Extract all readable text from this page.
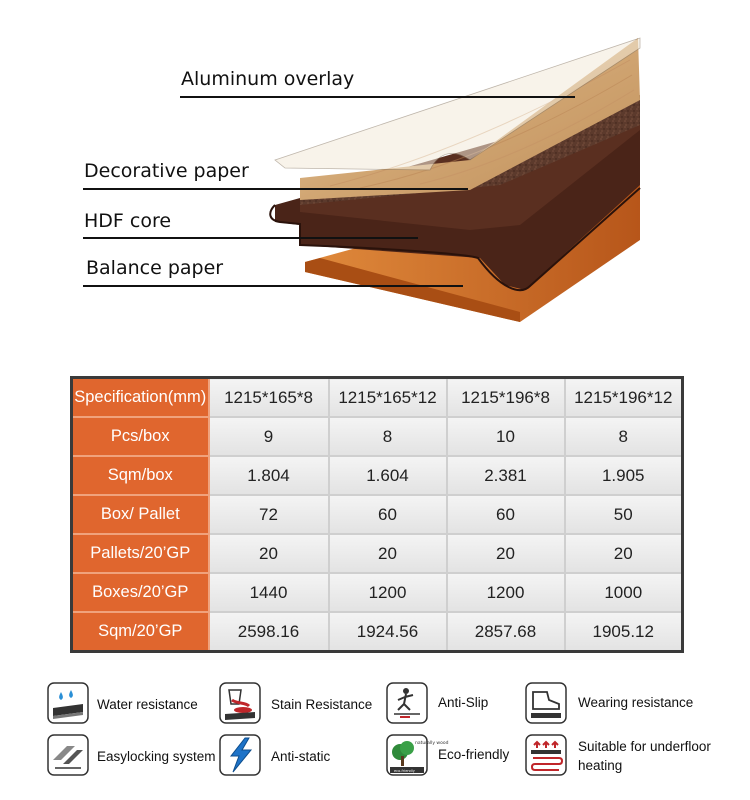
Aluminum overlay
Decorative paper
HDF core
Balance paper
Specification(mm)	1215*165*8	1215*165*12	1215*196*8	1215*196*12
Pcs/box	9	8	10	8
Sqm/box	1.804	1.604	2.381	1.905
Box/ Pallet	72	60	60	50
Pallets/20’GP	20	20	20	20
Boxes/20’GP	1440	1200	1200	1000
Sqm/20’GP	2598.16	1924.56	2857.68	1905.12
Water resistance	Stain Resistance	Anti-Slip	Wearing resistance
Easylocking system	Anti-static
naturally wood
eco-friendly
Eco-friendly
Suitable for underfloor heating
